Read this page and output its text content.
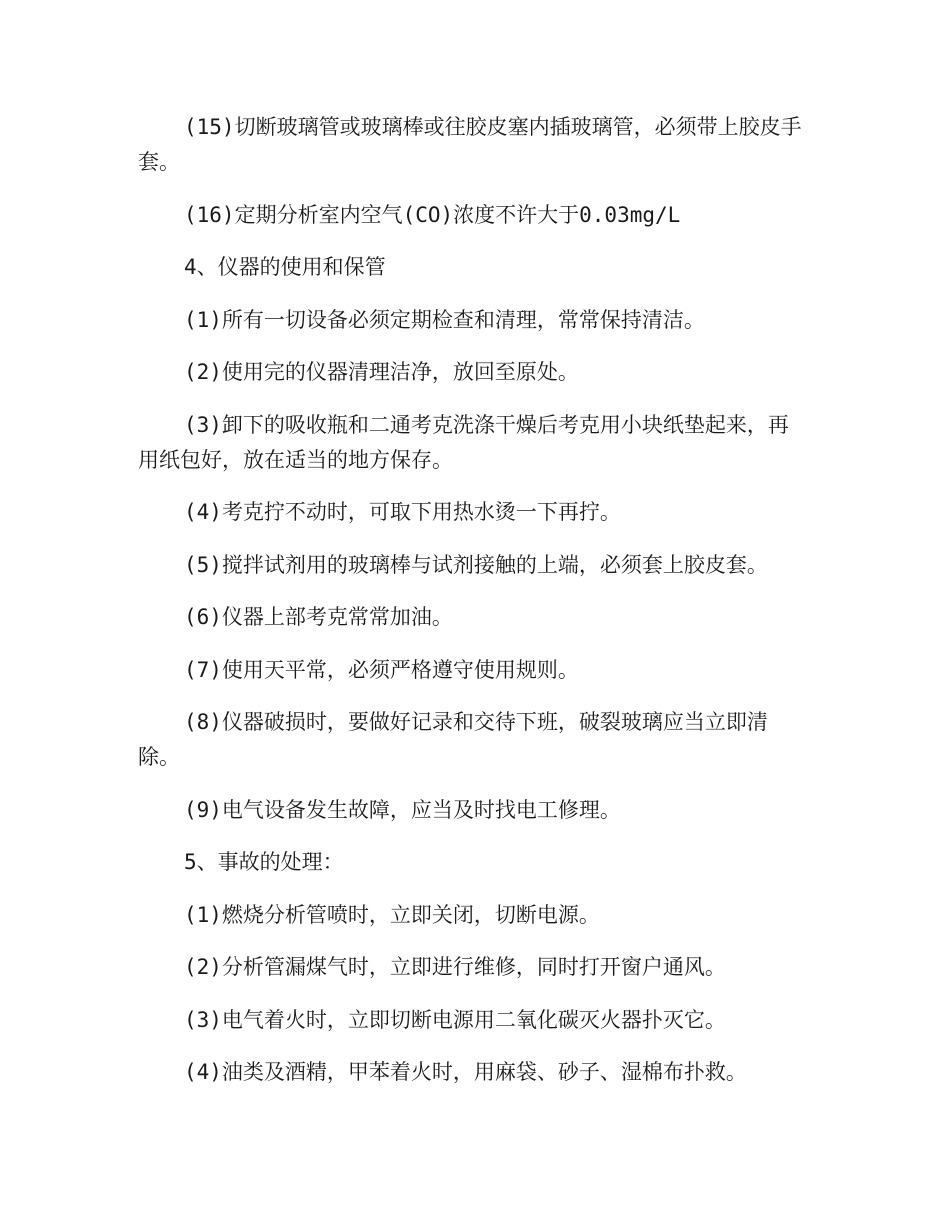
(15)切断玻璃管或玻璃棒或往胶皮塞内插玻璃管，必须带上胶皮手套。

(16)定期分析室内空气(CO)浓度不许大于0.03mg/L

4、仪器的使用和保管

(1)所有一切设备必须定期检查和清理，常常保持清洁。

(2)使用完的仪器清理洁净，放回至原处。

(3)卸下的吸收瓶和二通考克洗涤干燥后考克用小块纸垫起来，再用纸包好，放在适当的地方保存。

(4)考克拧不动时，可取下用热水烫一下再拧。

(5)搅拌试剂用的玻璃棒与试剂接触的上端，必须套上胶皮套。

(6)仪器上部考克常常加油。

(7)使用天平常，必须严格遵守使用规则。

(8)仪器破损时，要做好记录和交待下班，破裂玻璃应当立即清除。

(9)电气设备发生故障，应当及时找电工修理。

5、事故的处理：

(1)燃烧分析管喷时，立即关闭，切断电源。

(2)分析管漏煤气时，立即进行维修，同时打开窗户通风。

(3)电气着火时，立即切断电源用二氧化碳灭火器扑灭它。

(4)油类及酒精，甲苯着火时，用麻袋、砂子、湿棉布扑救。
